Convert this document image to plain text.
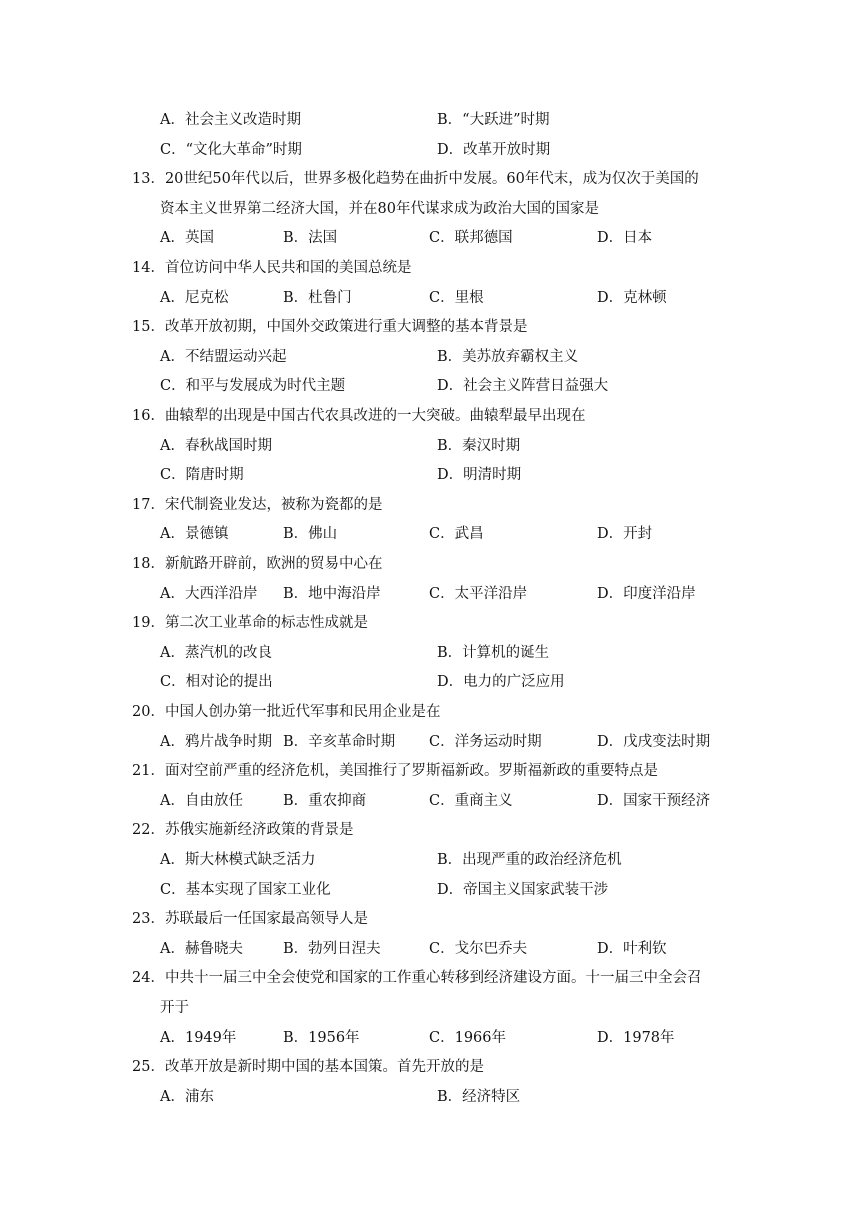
A．社会主义改造时期	B．“大跃进”时期
C．“文化大革命”时期	D．改革开放时期
13．20世纪50年代以后，世界多极化趋势在曲折中发展。60年代末，成为仅次于美国的
资本主义世界第二经济大国，并在80年代谋求成为政治大国的国家是
A．英国	B．法国	C．联邦德国	D．日本
14．首位访问中华人民共和国的美国总统是
A．尼克松	B．杜鲁门	C．里根	D．克林顿
15．改革开放初期，中国外交政策进行重大调整的基本背景是
A．不结盟运动兴起	B．美苏放弃霸权主义
C．和平与发展成为时代主题	D．社会主义阵营日益强大
16．曲辕犁的出现是中国古代农具改进的一大突破。曲辕犁最早出现在
A．春秋战国时期	B．秦汉时期
C．隋唐时期	D．明清时期
17．宋代制瓷业发达，被称为瓷都的是
A．景德镇	B．佛山	C．武昌	D．开封
18．新航路开辟前，欧洲的贸易中心在
A．大西洋沿岸 B．地中海沿岸	C．太平洋沿岸	D．印度洋沿岸
19．第二次工业革命的标志性成就是
A．蒸汽机的改良	B．计算机的诞生
C．相对论的提出	D．电力的广泛应用
20．中国人创办第一批近代军事和民用企业是在
A．鸦片战争时期 B．辛亥革命时期 C．洋务运动时期	D．戊戌变法时期
21．面对空前严重的经济危机，美国推行了罗斯福新政。罗斯福新政的重要特点是
A．自由放任	B．重农抑商	C．重商主义	D．国家干预经济
22．苏俄实施新经济政策的背景是
A．斯大林模式缺乏活力	B．出现严重的政治经济危机
C．基本实现了国家工业化	D．帝国主义国家武装干涉
23．苏联最后一任国家最高领导人是
A．赫鲁晓夫	B．勃列日涅夫	C．戈尔巴乔夫	D．叶利钦
24．中共十一届三中全会使党和国家的工作重心转移到经济建设方面。十一届三中全会召
开于
A．1949年	B．1956年	C．1966年	D．1978年
25．改革开放是新时期中国的基本国策。首先开放的是
A．浦东	B．经济特区
